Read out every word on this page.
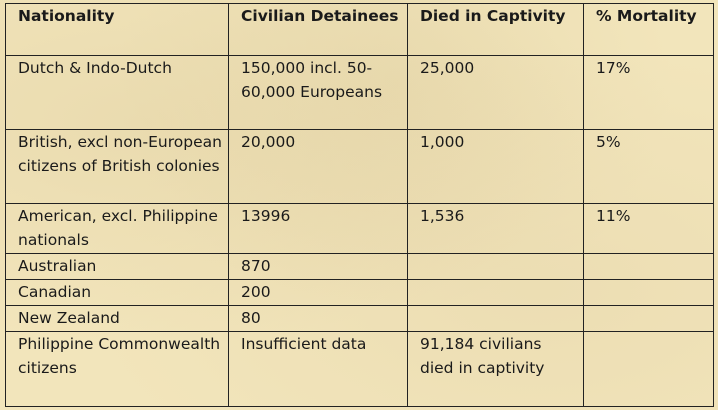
Nationality	Civilian Detainees	Died in Captivity	% Mortality
Dutch & Indo-Dutch	150,000 incl. 50-60,000 Europeans	25,000	17%
British, excl non-European citizens of British colonies	20,000	1,000	5%
American, excl. Philippine nationals	13996	1,536	11%
Australian	870		
Canadian	200		
New Zealand	80		
Philippine Commonwealth citizens	Insufficient data	91,184 civilians died in captivity	
